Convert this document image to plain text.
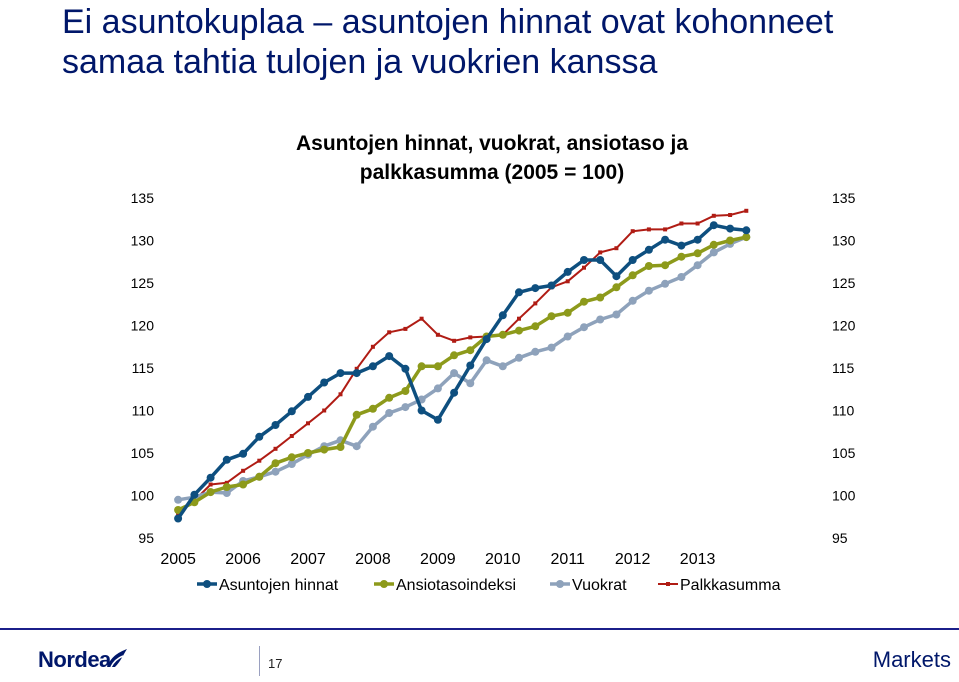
Ei asuntokuplaa – asuntojen hinnat ovat kohonneet samaa tahtia tulojen ja vuokrien kanssa
Asuntojen hinnat, vuokrat, ansiotaso ja
palkkasumma (2005 = 100)
95
100
105
110
115
120
125
130
135
95
100
105
110
115
120
125
130
135
2005 2006 2007 2008 2009 2010 2011 2012 2013
Asuntojen hinnat	Ansiotasoindeksi	Vuokrat	Palkkasumma
Nordea	17	Markets
